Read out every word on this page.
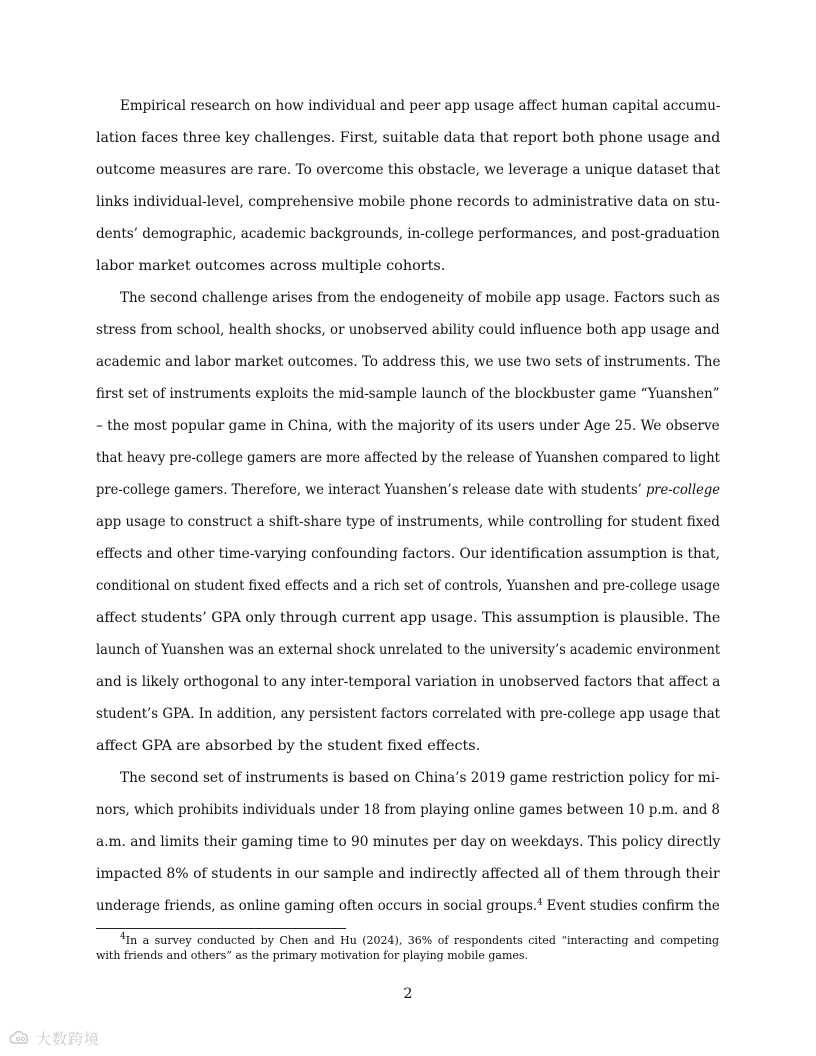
Empirical research on how individual and peer app usage affect human capital accumu-
lation faces three key challenges. First, suitable data that report both phone usage and
outcome measures are rare. To overcome this obstacle, we leverage a unique dataset that
links individual-level, comprehensive mobile phone records to administrative data on stu-
dents’ demographic, academic backgrounds, in-college performances, and post-graduation
labor market outcomes across multiple cohorts.
The second challenge arises from the endogeneity of mobile app usage. Factors such as
stress from school, health shocks, or unobserved ability could influence both app usage and
academic and labor market outcomes. To address this, we use two sets of instruments. The
first set of instruments exploits the mid-sample launch of the blockbuster game “Yuanshen”
– the most popular game in China, with the majority of its users under Age 25. We observe
that heavy pre-college gamers are more affected by the release of Yuanshen compared to light
pre-college gamers. Therefore, we interact Yuanshen’s release date with students’ pre-college
app usage to construct a shift-share type of instruments, while controlling for student fixed
effects and other time-varying confounding factors. Our identification assumption is that,
conditional on student fixed effects and a rich set of controls, Yuanshen and pre-college usage
affect students’ GPA only through current app usage. This assumption is plausible. The
launch of Yuanshen was an external shock unrelated to the university’s academic environment
and is likely orthogonal to any inter-temporal variation in unobserved factors that affect a
student’s GPA. In addition, any persistent factors correlated with pre-college app usage that
affect GPA are absorbed by the student fixed effects.
The second set of instruments is based on China’s 2019 game restriction policy for mi-
nors, which prohibits individuals under 18 from playing online games between 10 p.m. and 8
a.m. and limits their gaming time to 90 minutes per day on weekdays. This policy directly
impacted 8% of students in our sample and indirectly affected all of them through their
underage friends, as online gaming often occurs in social groups.$^4$ Event studies confirm the
$^4$In a survey conducted by Chen and Hu (2024), 36% of respondents cited “interacting and competing
with friends and others” as the primary motivation for playing mobile games.
2
大数跨境
